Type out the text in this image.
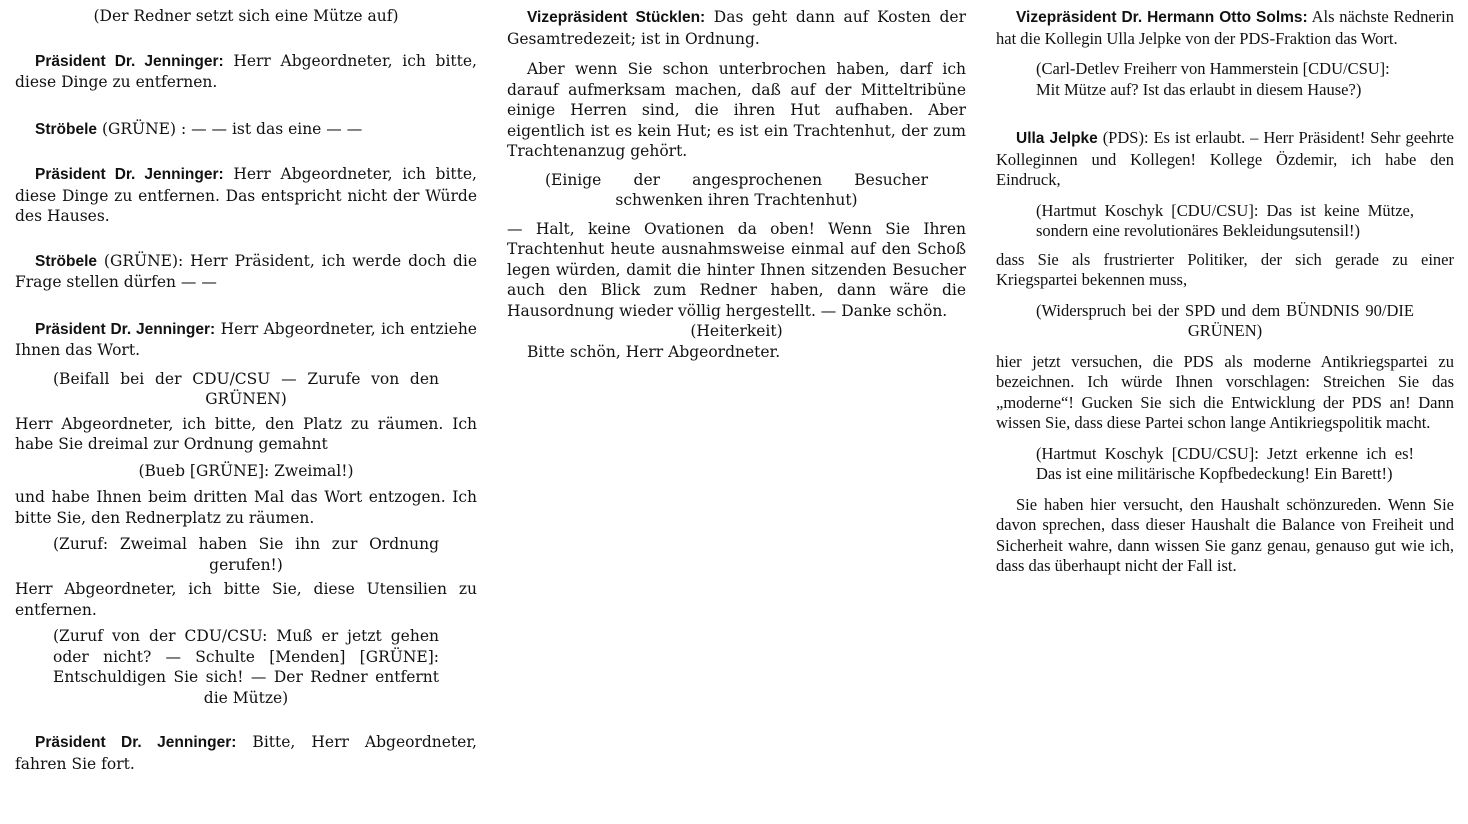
(Der Redner setzt sich eine Mütze auf)

Präsident Dr. Jenninger: Herr Abgeordneter, ich bitte, diese Dinge zu entfernen.

Ströbele (GRÜNE) : — — ist das eine — —

Präsident Dr. Jenninger: Herr Abgeordneter, ich bitte, diese Dinge zu entfernen. Das entspricht nicht der Würde des Hauses.

Ströbele (GRÜNE): Herr Präsident, ich werde doch die Frage stellen dürfen — —

Präsident Dr. Jenninger: Herr Abgeordneter, ich entziehe Ihnen das Wort.

(Beifall bei der CDU/CSU — Zurufe von den GRÜNEN)

Herr Abgeordneter, ich bitte, den Platz zu räumen. Ich habe Sie dreimal zur Ordnung gemahnt

(Bueb [GRÜNE]: Zweimal!)

und habe Ihnen beim dritten Mal das Wort entzogen. Ich bitte Sie, den Rednerplatz zu räumen.

(Zuruf: Zweimal haben Sie ihn zur Ordnung gerufen!)

Herr Abgeordneter, ich bitte Sie, diese Utensilien zu entfernen.

(Zuruf von der CDU/CSU: Muß er jetzt gehen oder nicht? — Schulte [Menden] [GRÜNE]: Entschuldigen Sie sich! — Der Redner entfernt die Mütze)

Präsident Dr. Jenninger: Bitte, Herr Abgeordneter, fahren Sie fort.

Vizepräsident Stücklen: Das geht dann auf Kosten der Gesamtredezeit; ist in Ordnung.

Aber wenn Sie schon unterbrochen haben, darf ich darauf aufmerksam machen, daß auf der Mitteltribüne einige Herren sind, die ihren Hut aufhaben. Aber eigentlich ist es kein Hut; es ist ein Trachtenhut, der zum Trachtenanzug gehört.

(Einige der angesprochenen Besucher schwenken ihren Trachtenhut)

— Halt, keine Ovationen da oben! Wenn Sie Ihren Trachtenhut heute ausnahmsweise einmal auf den Schoß legen würden, damit die hinter Ihnen sitzenden Besucher auch den Blick zum Redner haben, dann wäre die Hausordnung wieder völlig hergestellt. — Danke schön.

(Heiterkeit)

Bitte schön, Herr Abgeordneter.

Vizepräsident Dr. Hermann Otto Solms: Als nächste Rednerin hat die Kollegin Ulla Jelpke von der PDS-Fraktion das Wort.

(Carl-Detlev Freiherr von Hammerstein [CDU/CSU]: Mit Mütze auf? Ist das erlaubt in diesem Hause?)

Ulla Jelpke (PDS): Es ist erlaubt. – Herr Präsident! Sehr geehrte Kolleginnen und Kollegen! Kollege Özdemir, ich habe den Eindruck,

(Hartmut Koschyk [CDU/CSU]: Das ist keine Mütze, sondern eine revolutionäres Bekleidungsutensil!)

dass Sie als frustrierter Politiker, der sich gerade zu einer Kriegspartei bekennen muss,

(Widerspruch bei der SPD und dem BÜNDNIS 90/DIE GRÜNEN)

hier jetzt versuchen, die PDS als moderne Antikriegspartei zu bezeichnen. Ich würde Ihnen vorschlagen: Streichen Sie das „moderne“! Gucken Sie sich die Entwicklung der PDS an! Dann wissen Sie, dass diese Partei schon lange Antikriegspolitik macht.

(Hartmut Koschyk [CDU/CSU]: Jetzt erkenne ich es! Das ist eine militärische Kopfbedeckung! Ein Barett!)

Sie haben hier versucht, den Haushalt schönzureden. Wenn Sie davon sprechen, dass dieser Haushalt die Balance von Freiheit und Sicherheit wahre, dann wissen Sie ganz genau, genauso gut wie ich, dass das überhaupt nicht der Fall ist.
